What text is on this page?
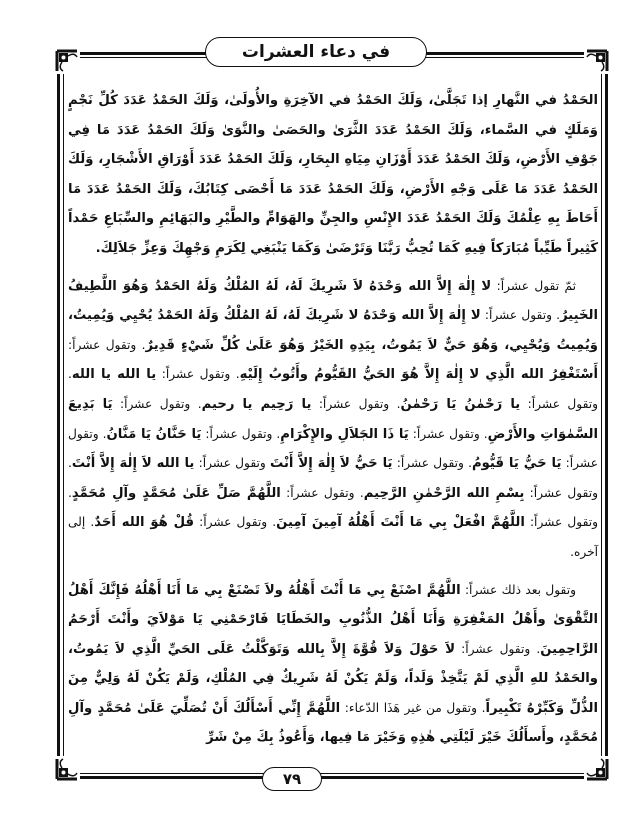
في دعاء العشرات

الحَمْدُ في النَّهارِ إذا تَجَلَّىٰ، وَلَكَ الحَمْدُ في الآخِرَةِ والأُولَىٰ، وَلَكَ الحَمْدُ عَدَدَ كُلِّ نَجْمٍ وَمَلَكٍ في السَّماء، وَلَكَ الحَمْدُ عَدَدَ الثَّرَىٰ والحَصَىٰ والنَّوَىٰ وَلَكَ الحَمْدُ عَدَدَ مَا فِي جَوْفِ الأَرْضِ، وَلَكَ الحَمْدُ عَدَدَ أَوْزَانِ مِيَاهِ البِحَارِ، وَلَكَ الحَمْدُ عَدَدَ أَوْرَاقِ الأَشْجَارِ، وَلَكَ الحَمْدُ عَدَدَ مَا عَلَى وَجْهِ الأَرْضِ، وَلَكَ الحَمْدُ عَدَدَ مَا أَحْصَى كِتَابُكَ، وَلَكَ الحَمْدُ عَدَدَ مَا أَحَاطَ بِهِ عِلْمُكَ وَلَكَ الحَمْدُ عَدَدَ الإِنْسِ والجِنِّ والهَوَامِّ والطَّيْرِ والبَهَائِمِ والسِّبَاعِ حَمْداً كَثِيراً طَيِّباً مُبَارَكاً فِيهِ كَمَا تُحِبُّ رَبَّنَا وَتَرْضَىٰ وَكَمَا يَنْبَغِي لِكَرَمِ وَجْهِكَ وَعِزِّ جَلاَلِكَ.

ثمّ تقول عشراً: لا إِلٰهَ إِلاَّ الله وَحْدَهُ لاَ شَرِيكَ لَهُ، لَهُ المُلْكُ وَلَهُ الحَمْدُ وَهُوَ اللَّطِيفُ الخَبِيرُ. وتقول عشراً: لا إِلٰهَ إِلاَّ الله وَحْدَهُ لا شَرِيكَ لَهُ، لَهُ المُلْكُ وَلَهُ الحَمْدُ يُحْيِي وَيُمِيتُ، وَيُمِيتُ وَيُحْيِي، وَهُوَ حَيٌّ لاَ يَمُوتُ، بِيَدِهِ الخَيْرُ وَهُوَ عَلَىٰ كُلِّ شَيْءٍ قَدِيرٌ. وتقول عشراً: أَسْتَغْفِرُ الله الَّذِي لا إِلٰهَ إِلاَّ هُوَ الحَيُّ القَيُّومُ وأَتُوبُ إِلَيْهِ. وتقول عشراً: يا الله يا الله. وتقول عشراً: يا رَحْمٰنُ يَا رَحْمٰنُ. وتقول عشراً: يا رَحِيم يا رحيم. وتقول عشراً: يَا بَدِيعَ السَّمٰوَاتِ والأَرْضِ. وتقول عشراً: يَا ذَا الجَلاَلِ والإِكْرَامِ. وتقول عشراً: يَا حَنَّانُ يَا مَنَّانُ. وتقول عشراً: يَا حَيُّ يَا قَيُّومُ. وتقول عشراً: يَا حَيُّ لاَ إِلٰهَ إِلاَّ أَنْتَ وتقول عشراً: يا الله لاَ إِلٰهَ إِلاَّ أَنْتَ. وتقول عشراً: بِسْمِ الله الرَّحْمٰنِ الرَّحِيم. وتقول عشراً: اللَّهُمَّ صَلِّ عَلَىٰ مُحَمَّدٍ وآلِ مُحَمَّدٍ. وتقول عشراً: اللَّهُمَّ افْعَلْ بِي مَا أَنْتَ أَهْلُهُ آمِينَ آمِينَ. وتقول عشراً: قُلْ هُوَ الله أَحَدٌ. إلى آخره.

وتقول بعد ذلك عشراً: اللَّهُمَّ اصْنَعْ بِي مَا أَنْتَ أَهْلُهُ ولاَ تَصْنَعْ بِي مَا أَنَا أَهْلُهُ فَإِنَّكَ أَهْلُ التَّقْوَىٰ وأَهْلُ المَغْفِرَةِ وَأَنَا أَهْلُ الذُّنُوبِ والخَطَايَا فَارْحَمْنِي يَا مَوْلاَيَ وأَنْتَ أَرْحَمُ الرَّاحِمِينَ. وتقول عشراً: لاَ حَوْلَ وَلاَ قُوَّةَ إِلاَّ بِالله وَتَوَكَّلْتُ عَلَى الحَيِّ الَّذِي لاَ يَمُوتُ، والحَمْدُ للهِ الَّذِي لَمْ يَتَّخِذْ وَلَداً، وَلَمْ يَكُنْ لَهُ شَرِيكٌ فِي المُلْكِ، وَلَمْ يَكُنْ لَهُ وَلِيٌّ مِنَ الذُّلِّ وَكَبِّرْهُ تَكْبِيراً. وتقول من غير هَذَا الدّعاء: اللَّهُمَّ إِنِّي أَسْأَلُكَ أَنْ تُصَلِّيَ عَلَىٰ مُحَمَّدٍ وآلِ مُحَمَّدٍ، وأَسأَلُكَ خَيْرَ لَيْلَتِي هٰذِهِ وَخَيْرَ مَا فِيها، وَأَعُوذُ بِكَ مِنْ شَرِّ

٧٩
